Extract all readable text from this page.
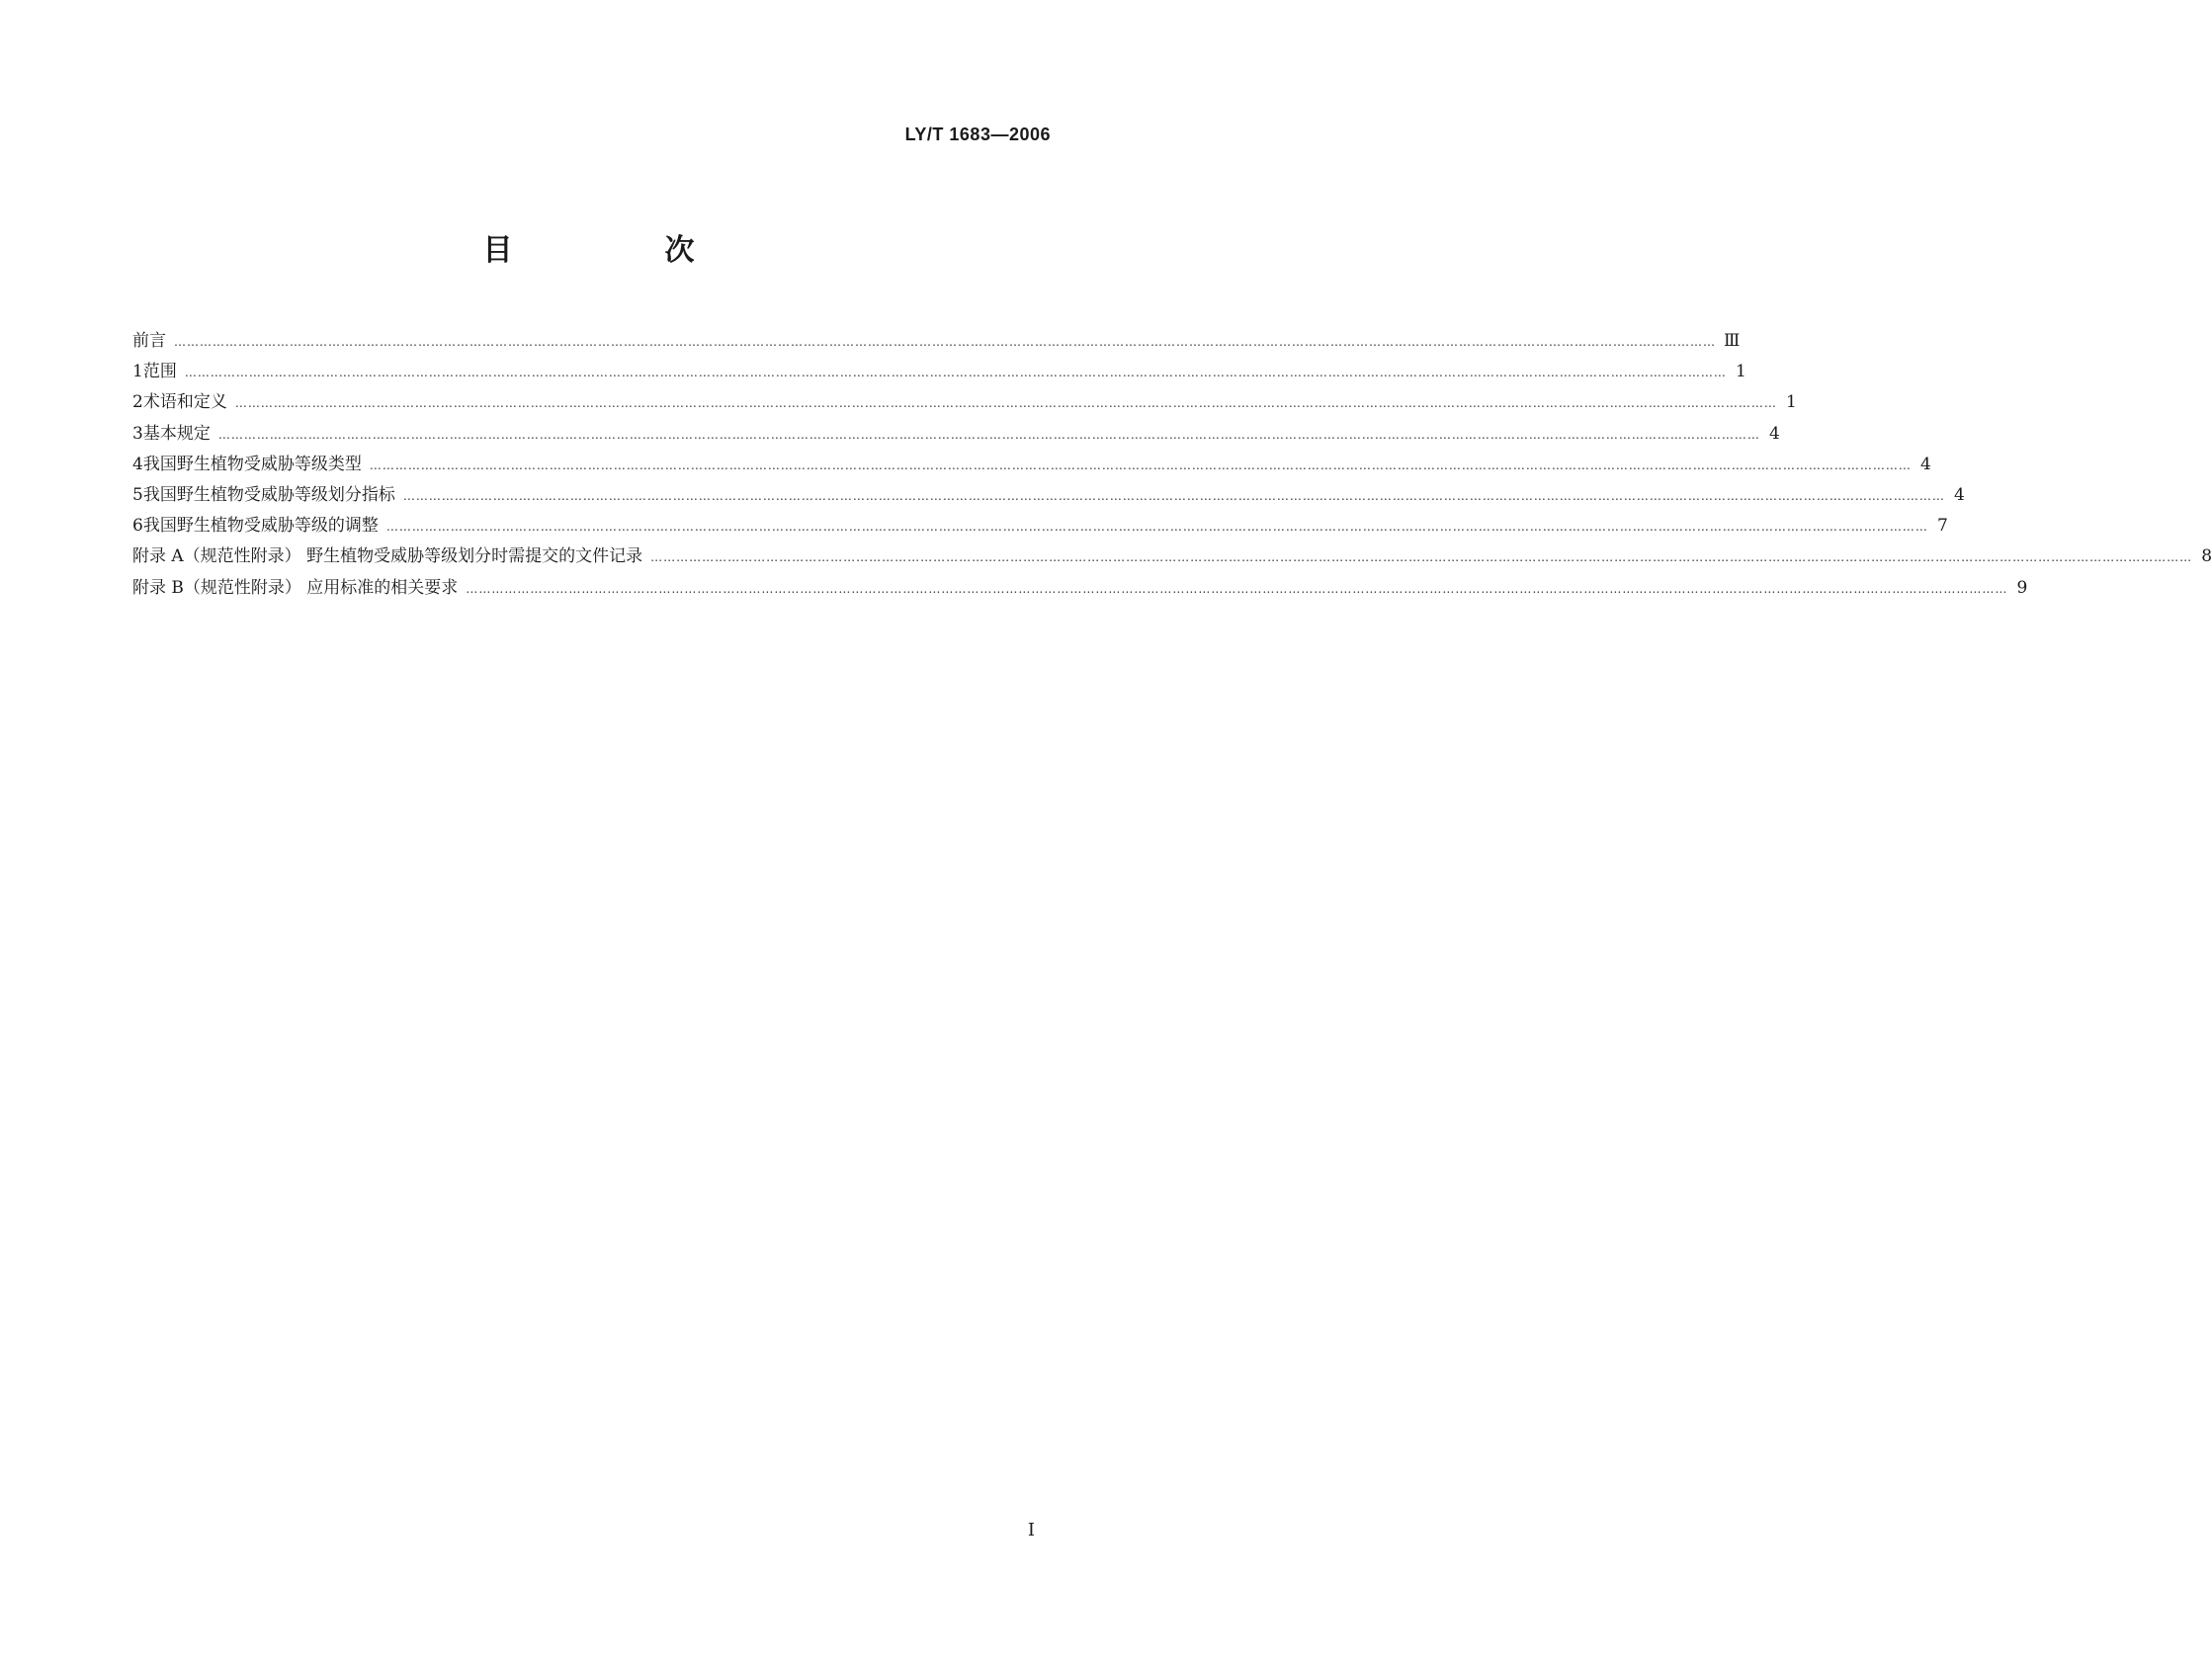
LY/T 1683—2006
目　次
前言 ……………………………………………………………………………………………………………………………………………………………………………………………………………………………………………………………………………………………………………………………… Ⅲ
1 范围 ……………………………………………………………………………………………………………………………………………………………………………………………………………………………………………………………………………………………………………………………… 1
2 术语和定义 ……………………………………………………………………………………………………………………………………………………………………………………………………………………………………………………………………………………………………………………………… 1
3 基本规定 ……………………………………………………………………………………………………………………………………………………………………………………………………………………………………………………………………………………………………………………………… 4
4 我国野生植物受威胁等级类型 ……………………………………………………………………………………………………………………………………………………………………………………………………………………………………………………………………………………………………………………………… 4
5 我国野生植物受威胁等级划分指标 ……………………………………………………………………………………………………………………………………………………………………………………………………………………………………………………………………………………………………………………………… 4
6 我国野生植物受威胁等级的调整 ……………………………………………………………………………………………………………………………………………………………………………………………………………………………………………………………………………………………………………………………… 7
附录 A（规范性附录） 野生植物受威胁等级划分时需提交的文件记录 ……………………………………………………………………………………………………………………………………………………………………………………………………………………………………………………………………………………………………………………………… 8
附录 B（规范性附录） 应用标准的相关要求 ……………………………………………………………………………………………………………………………………………………………………………………………………………………………………………………………………………………………………………………………… 9
I
